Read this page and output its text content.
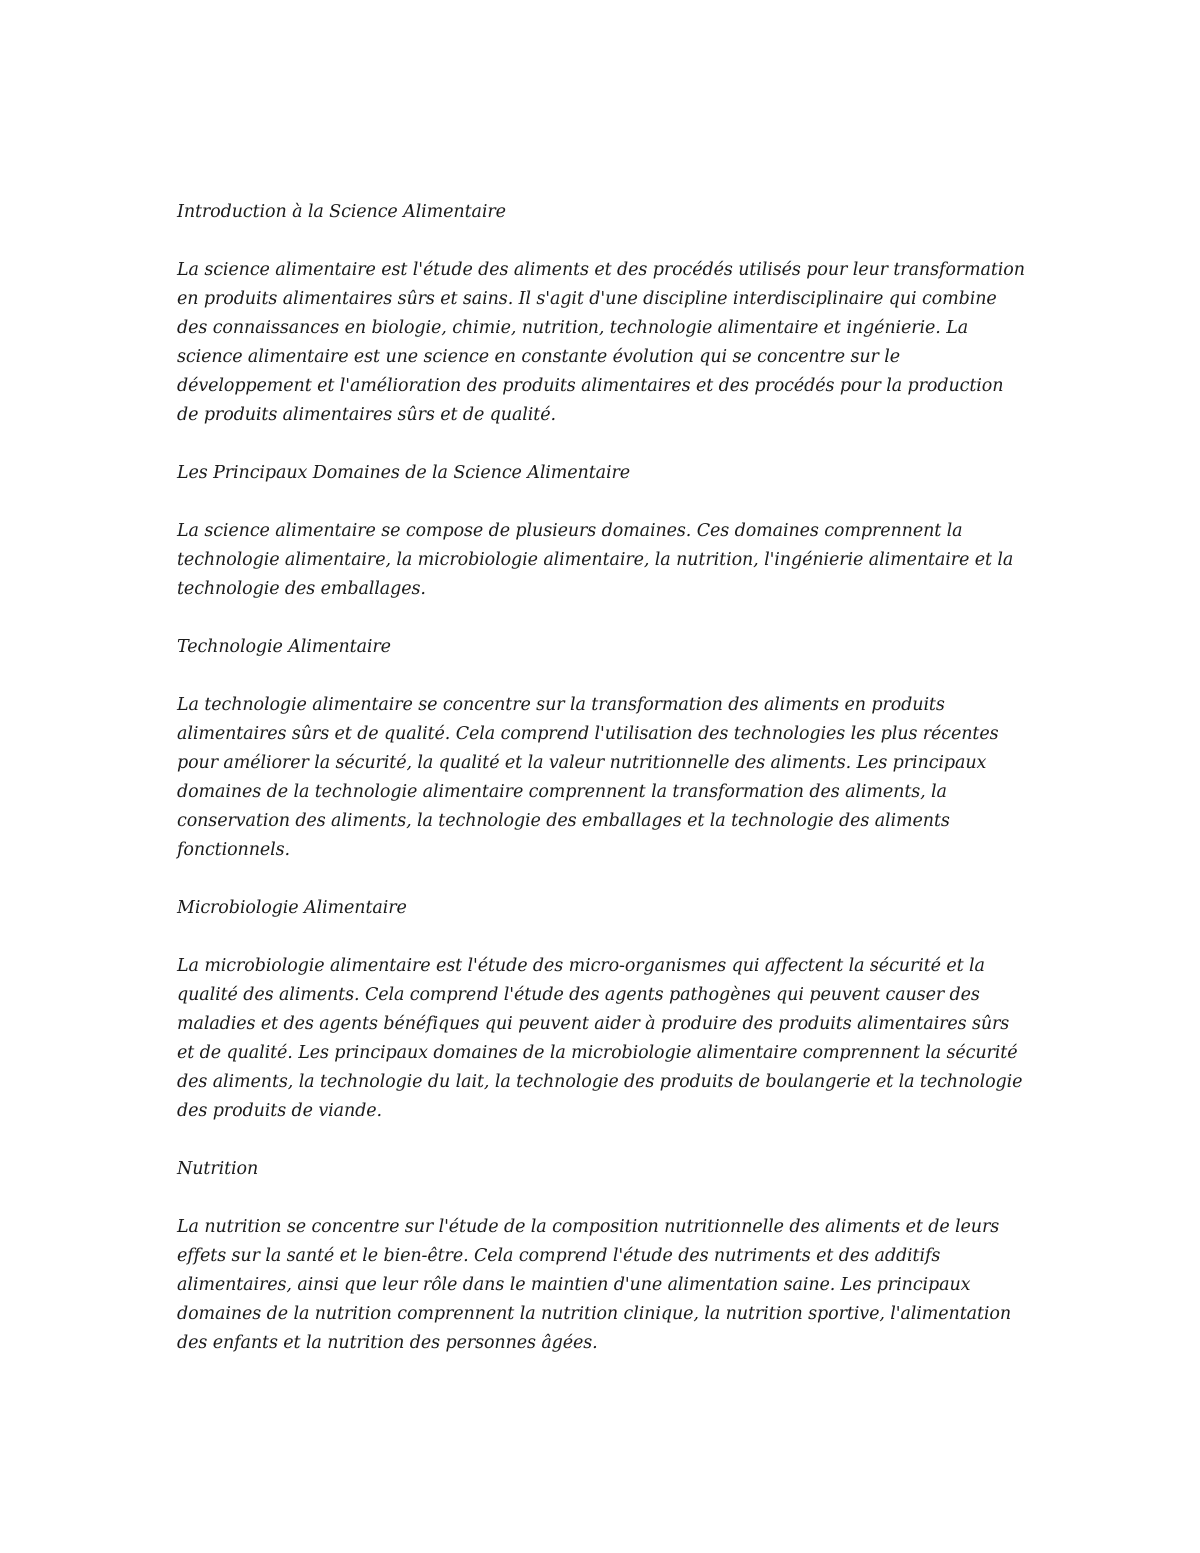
Introduction à la Science Alimentaire

La science alimentaire est l'étude des aliments et des procédés utilisés pour leur transformation en produits alimentaires sûrs et sains. Il s'agit d'une discipline interdisciplinaire qui combine des connaissances en biologie, chimie, nutrition, technologie alimentaire et ingénierie. La science alimentaire est une science en constante évolution qui se concentre sur le développement et l'amélioration des produits alimentaires et des procédés pour la production de produits alimentaires sûrs et de qualité.

Les Principaux Domaines de la Science Alimentaire

La science alimentaire se compose de plusieurs domaines. Ces domaines comprennent la technologie alimentaire, la microbiologie alimentaire, la nutrition, l'ingénierie alimentaire et la technologie des emballages.

Technologie Alimentaire

La technologie alimentaire se concentre sur la transformation des aliments en produits alimentaires sûrs et de qualité. Cela comprend l'utilisation des technologies les plus récentes pour améliorer la sécurité, la qualité et la valeur nutritionnelle des aliments. Les principaux domaines de la technologie alimentaire comprennent la transformation des aliments, la conservation des aliments, la technologie des emballages et la technologie des aliments fonctionnels.

Microbiologie Alimentaire

La microbiologie alimentaire est l'étude des micro-organismes qui affectent la sécurité et la qualité des aliments. Cela comprend l'étude des agents pathogènes qui peuvent causer des maladies et des agents bénéfiques qui peuvent aider à produire des produits alimentaires sûrs et de qualité. Les principaux domaines de la microbiologie alimentaire comprennent la sécurité des aliments, la technologie du lait, la technologie des produits de boulangerie et la technologie des produits de viande.

Nutrition

La nutrition se concentre sur l'étude de la composition nutritionnelle des aliments et de leurs effets sur la santé et le bien-être. Cela comprend l'étude des nutriments et des additifs alimentaires, ainsi que leur rôle dans le maintien d'une alimentation saine. Les principaux domaines de la nutrition comprennent la nutrition clinique, la nutrition sportive, l'alimentation des enfants et la nutrition des personnes âgées.
